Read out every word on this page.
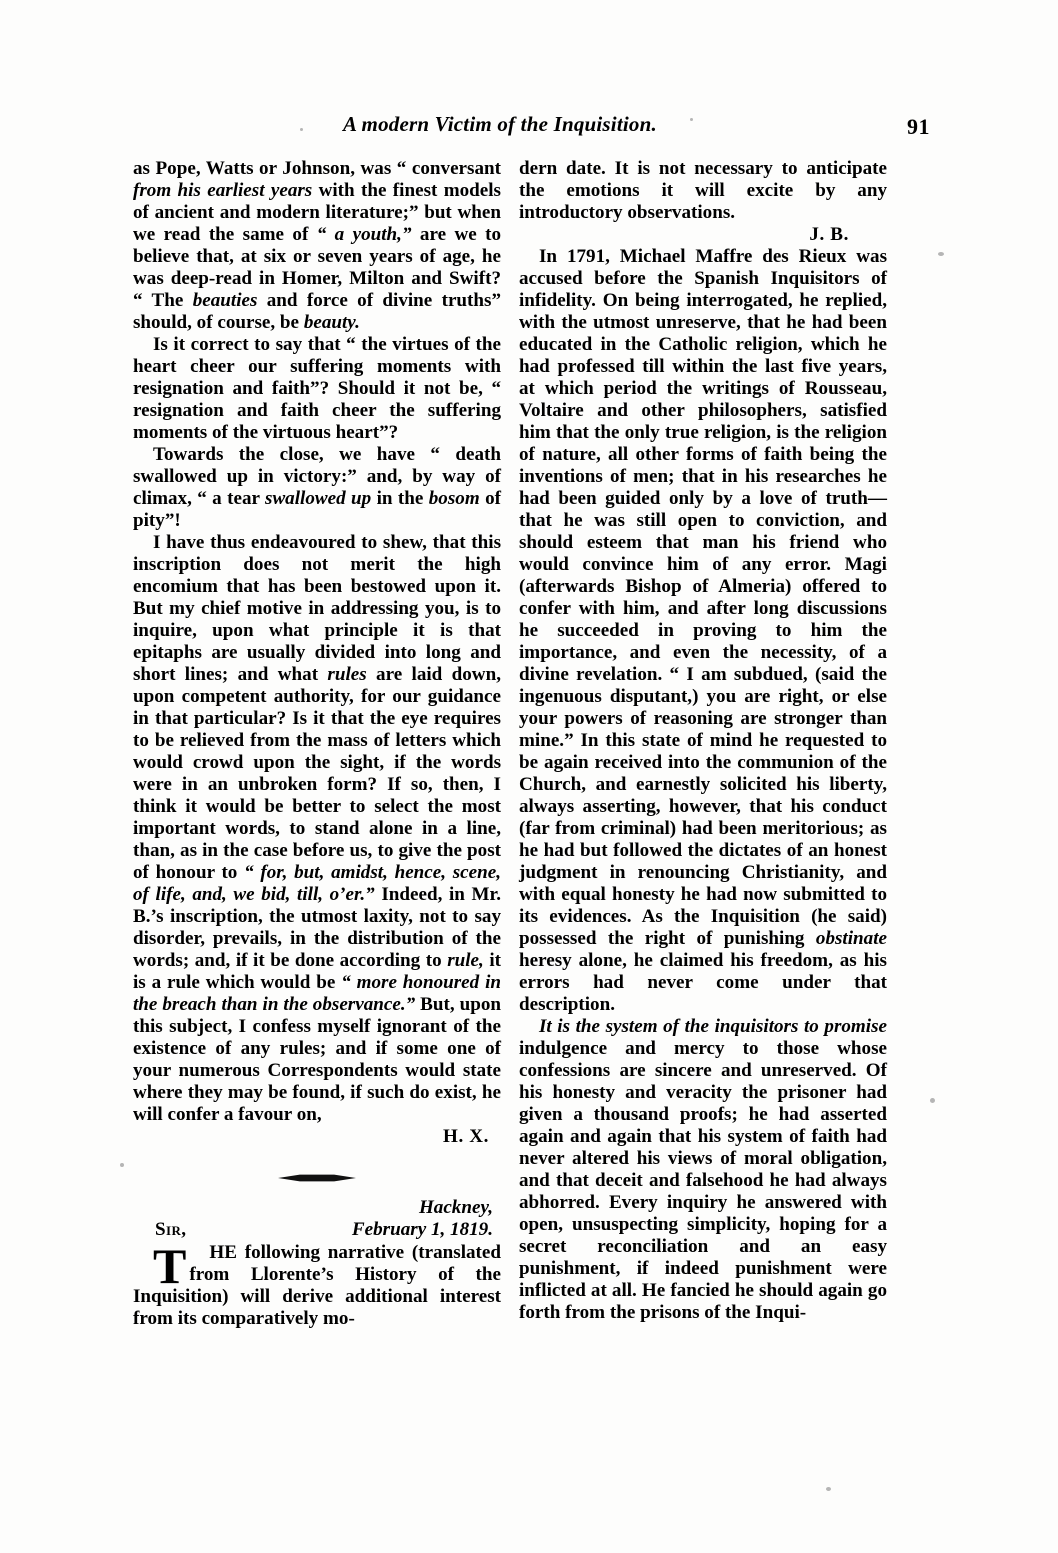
A modern Victim of the Inquisition.	91

as Pope, Watts or Johnson, was “ conversant from his earliest years with the finest models of ancient and modern literature;” but when we read the same of “ a youth,” are we to believe that, at six or seven years of age, he was deep-read in Homer, Milton and Swift? “ The beauties and force of divine truths” should, of course, be beauty.

Is it correct to say that “ the virtues of the heart cheer our suffering moments with resignation and faith”? Should it not be, “ resignation and faith cheer the suffering moments of the virtuous heart”?

Towards the close, we have “ death swallowed up in victory:” and, by way of climax, “ a tear swallowed up in the bosom of pity”!

I have thus endeavoured to shew, that this inscription does not merit the high encomium that has been bestowed upon it. But my chief motive in addressing you, is to inquire, upon what principle it is that epitaphs are usually divided into long and short lines; and what rules are laid down, upon competent authority, for our guidance in that particular? Is it that the eye requires to be relieved from the mass of letters which would crowd upon the sight, if the words were in an unbroken form? If so, then, I think it would be better to select the most important words, to stand alone in a line, than, as in the case before us, to give the post of honour to “ for, but, amidst, hence, scene, of life, and, we bid, till, o’er.” Indeed, in Mr. B.’s inscription, the utmost laxity, not to say disorder, prevails, in the distribution of the words; and, if it be done according to rule, it is a rule which would be “ more honoured in the breach than in the observance.” But, upon this subject, I confess myself ignorant of the existence of any rules; and if some one of your numerous Correspondents would state where they may be found, if such do exist, he will confer a favour on,

H. X.

Hackney,

Sir,	February 1, 1819.

T HE following narrative (translated from Llorente’s History of the Inquisition) will derive additional interest from its comparatively mo-

dern date. It is not necessary to anticipate the emotions it will excite by any introductory observations.

J. B.

In 1791, Michael Maffre des Rieux was accused before the Spanish Inquisitors of infidelity. On being interrogated, he replied, with the utmost unreserve, that he had been educated in the Catholic religion, which he had professed till within the last five years, at which period the writings of Rousseau, Voltaire and other philosophers, satisfied him that the only true religion, is the religion of nature, all other forms of faith being the inventions of men; that in his researches he had been guided only by a love of truth—that he was still open to conviction, and should esteem that man his friend who would convince him of any error. Magi (afterwards Bishop of Almeria) offered to confer with him, and after long discussions he succeeded in proving to him the importance, and even the necessity, of a divine revelation. “ I am subdued, (said the ingenuous disputant,) you are right, or else your powers of reasoning are stronger than mine.” In this state of mind he requested to be again received into the communion of the Church, and earnestly solicited his liberty, always asserting, however, that his conduct (far from criminal) had been meritorious; as he had but followed the dictates of an honest judgment in renouncing Christianity, and with equal honesty he had now submitted to its evidences. As the Inquisition (he said) possessed the right of punishing obstinate heresy alone, he claimed his freedom, as his errors had never come under that description.

It is the system of the inquisitors to promise indulgence and mercy to those whose confessions are sincere and unreserved. Of his honesty and veracity the prisoner had given a thousand proofs; he had asserted again and again that his system of faith had never altered his views of moral obligation, and that deceit and falsehood he had always abhorred. Every inquiry he answered with open, unsuspecting simplicity, hoping for a secret reconciliation and an easy punishment, if indeed punishment were inflicted at all. He fancied he should again go forth from the prisons of the Inqui-
